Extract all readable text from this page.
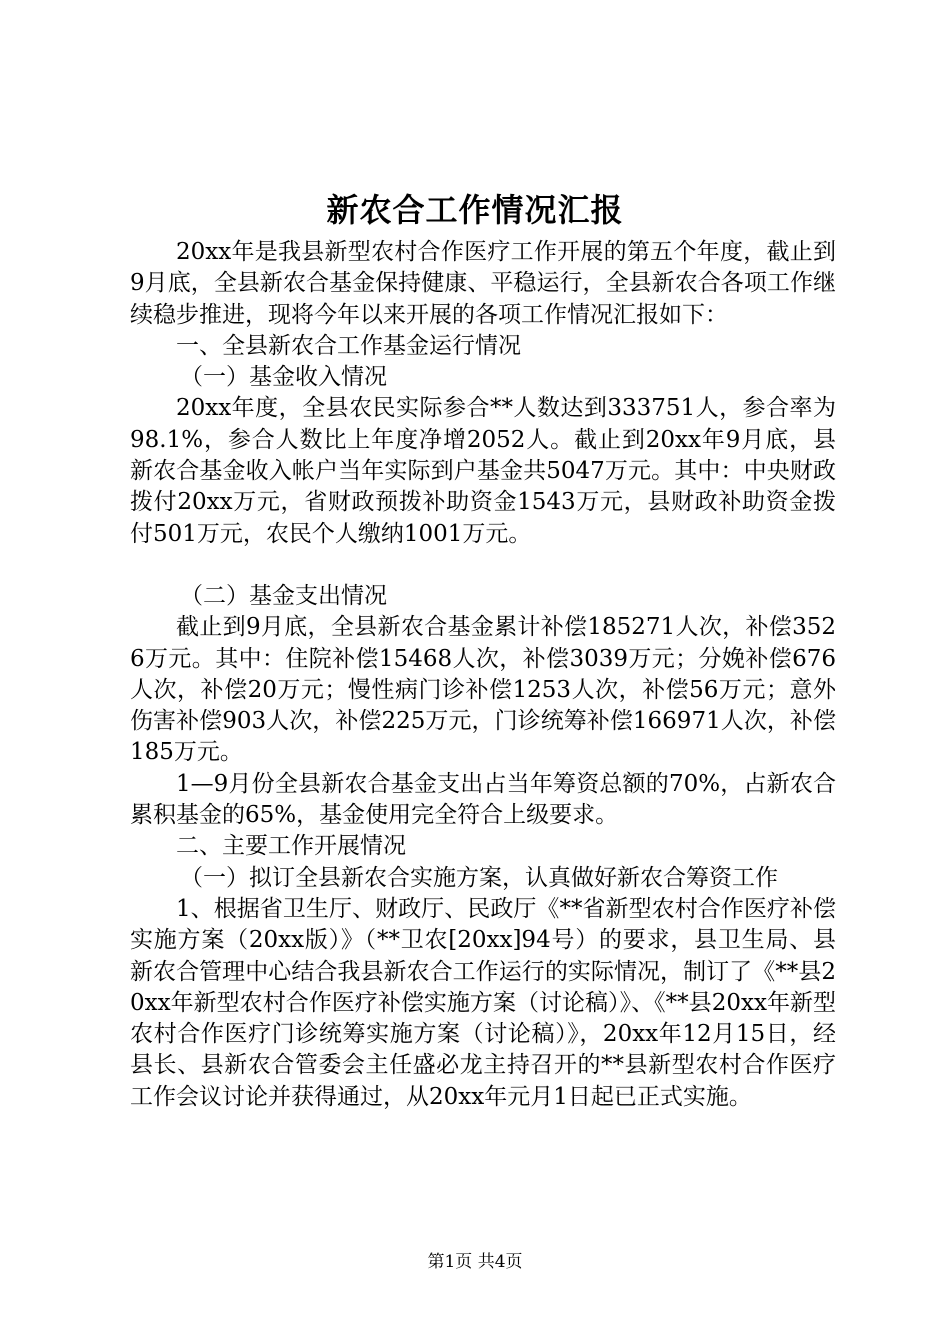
新农合工作情况汇报

20xx年是我县新型农村合作医疗工作开展的第五个年度，截止到9月底，全县新农合基金保持健康、平稳运行，全县新农合各项工作继续稳步推进，现将今年以来开展的各项工作情况汇报如下：

一、全县新农合工作基金运行情况

（一）基金收入情况

20xx年度，全县农民实际参合**人数达到333751人，参合率为98.1%，参合人数比上年度净增2052人。截止到20xx年9月底，县新农合基金收入帐户当年实际到户基金共5047万元。其中：中央财政拨付20xx万元，省财政预拨补助资金1543万元，县财政补助资金拨付501万元，农民个人缴纳1001万元。

（二）基金支出情况

截止到9月底，全县新农合基金累计补偿185271人次，补偿3526万元。其中：住院补偿15468人次，补偿3039万元；分娩补偿676人次，补偿20万元；慢性病门诊补偿1253人次，补偿56万元；意外伤害补偿903人次，补偿225万元，门诊统筹补偿166971人次，补偿185万元。

1—9月份全县新农合基金支出占当年筹资总额的70%，占新农合累积基金的65%，基金使用完全符合上级要求。

二、主要工作开展情况

（一）拟订全县新农合实施方案，认真做好新农合筹资工作

1、根据省卫生厅、财政厅、民政厅《**省新型农村合作医疗补偿实施方案（20xx版）》（**卫农[20xx]94号）的要求，县卫生局、县新农合管理中心结合我县新农合工作运行的实际情况，制订了《**县20xx年新型农村合作医疗补偿实施方案（讨论稿）》、《**县20xx年新型农村合作医疗门诊统筹实施方案（讨论稿）》，20xx年12月15日，经县长、县新农合管委会主任盛必龙主持召开的**县新型农村合作医疗工作会议讨论并获得通过，从20xx年元月1日起已正式实施。

第1页 共4页
